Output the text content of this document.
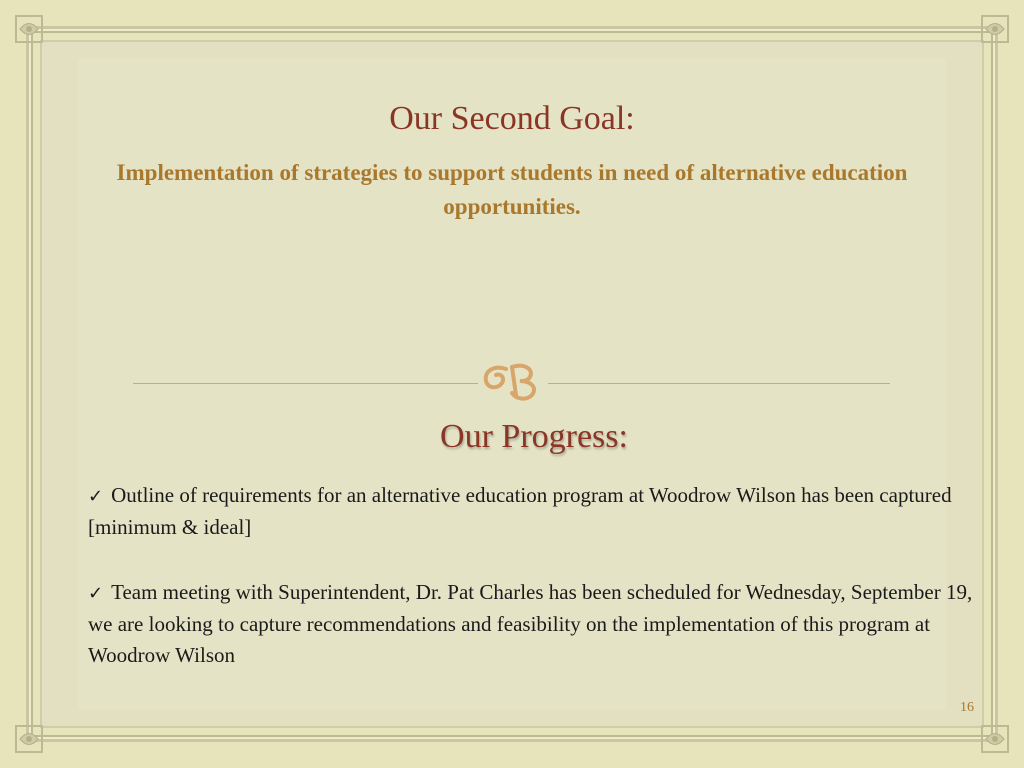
Our Second Goal:
Implementation of strategies to support students in need of alternative education opportunities.
Our Progress:
✓ Outline of requirements for an alternative education program at Woodrow Wilson has been captured [minimum & ideal]
✓ Team meeting with Superintendent, Dr. Pat Charles has been scheduled for Wednesday, September 19, we are looking to capture recommendations and feasibility on the implementation of this program at Woodrow Wilson
16
